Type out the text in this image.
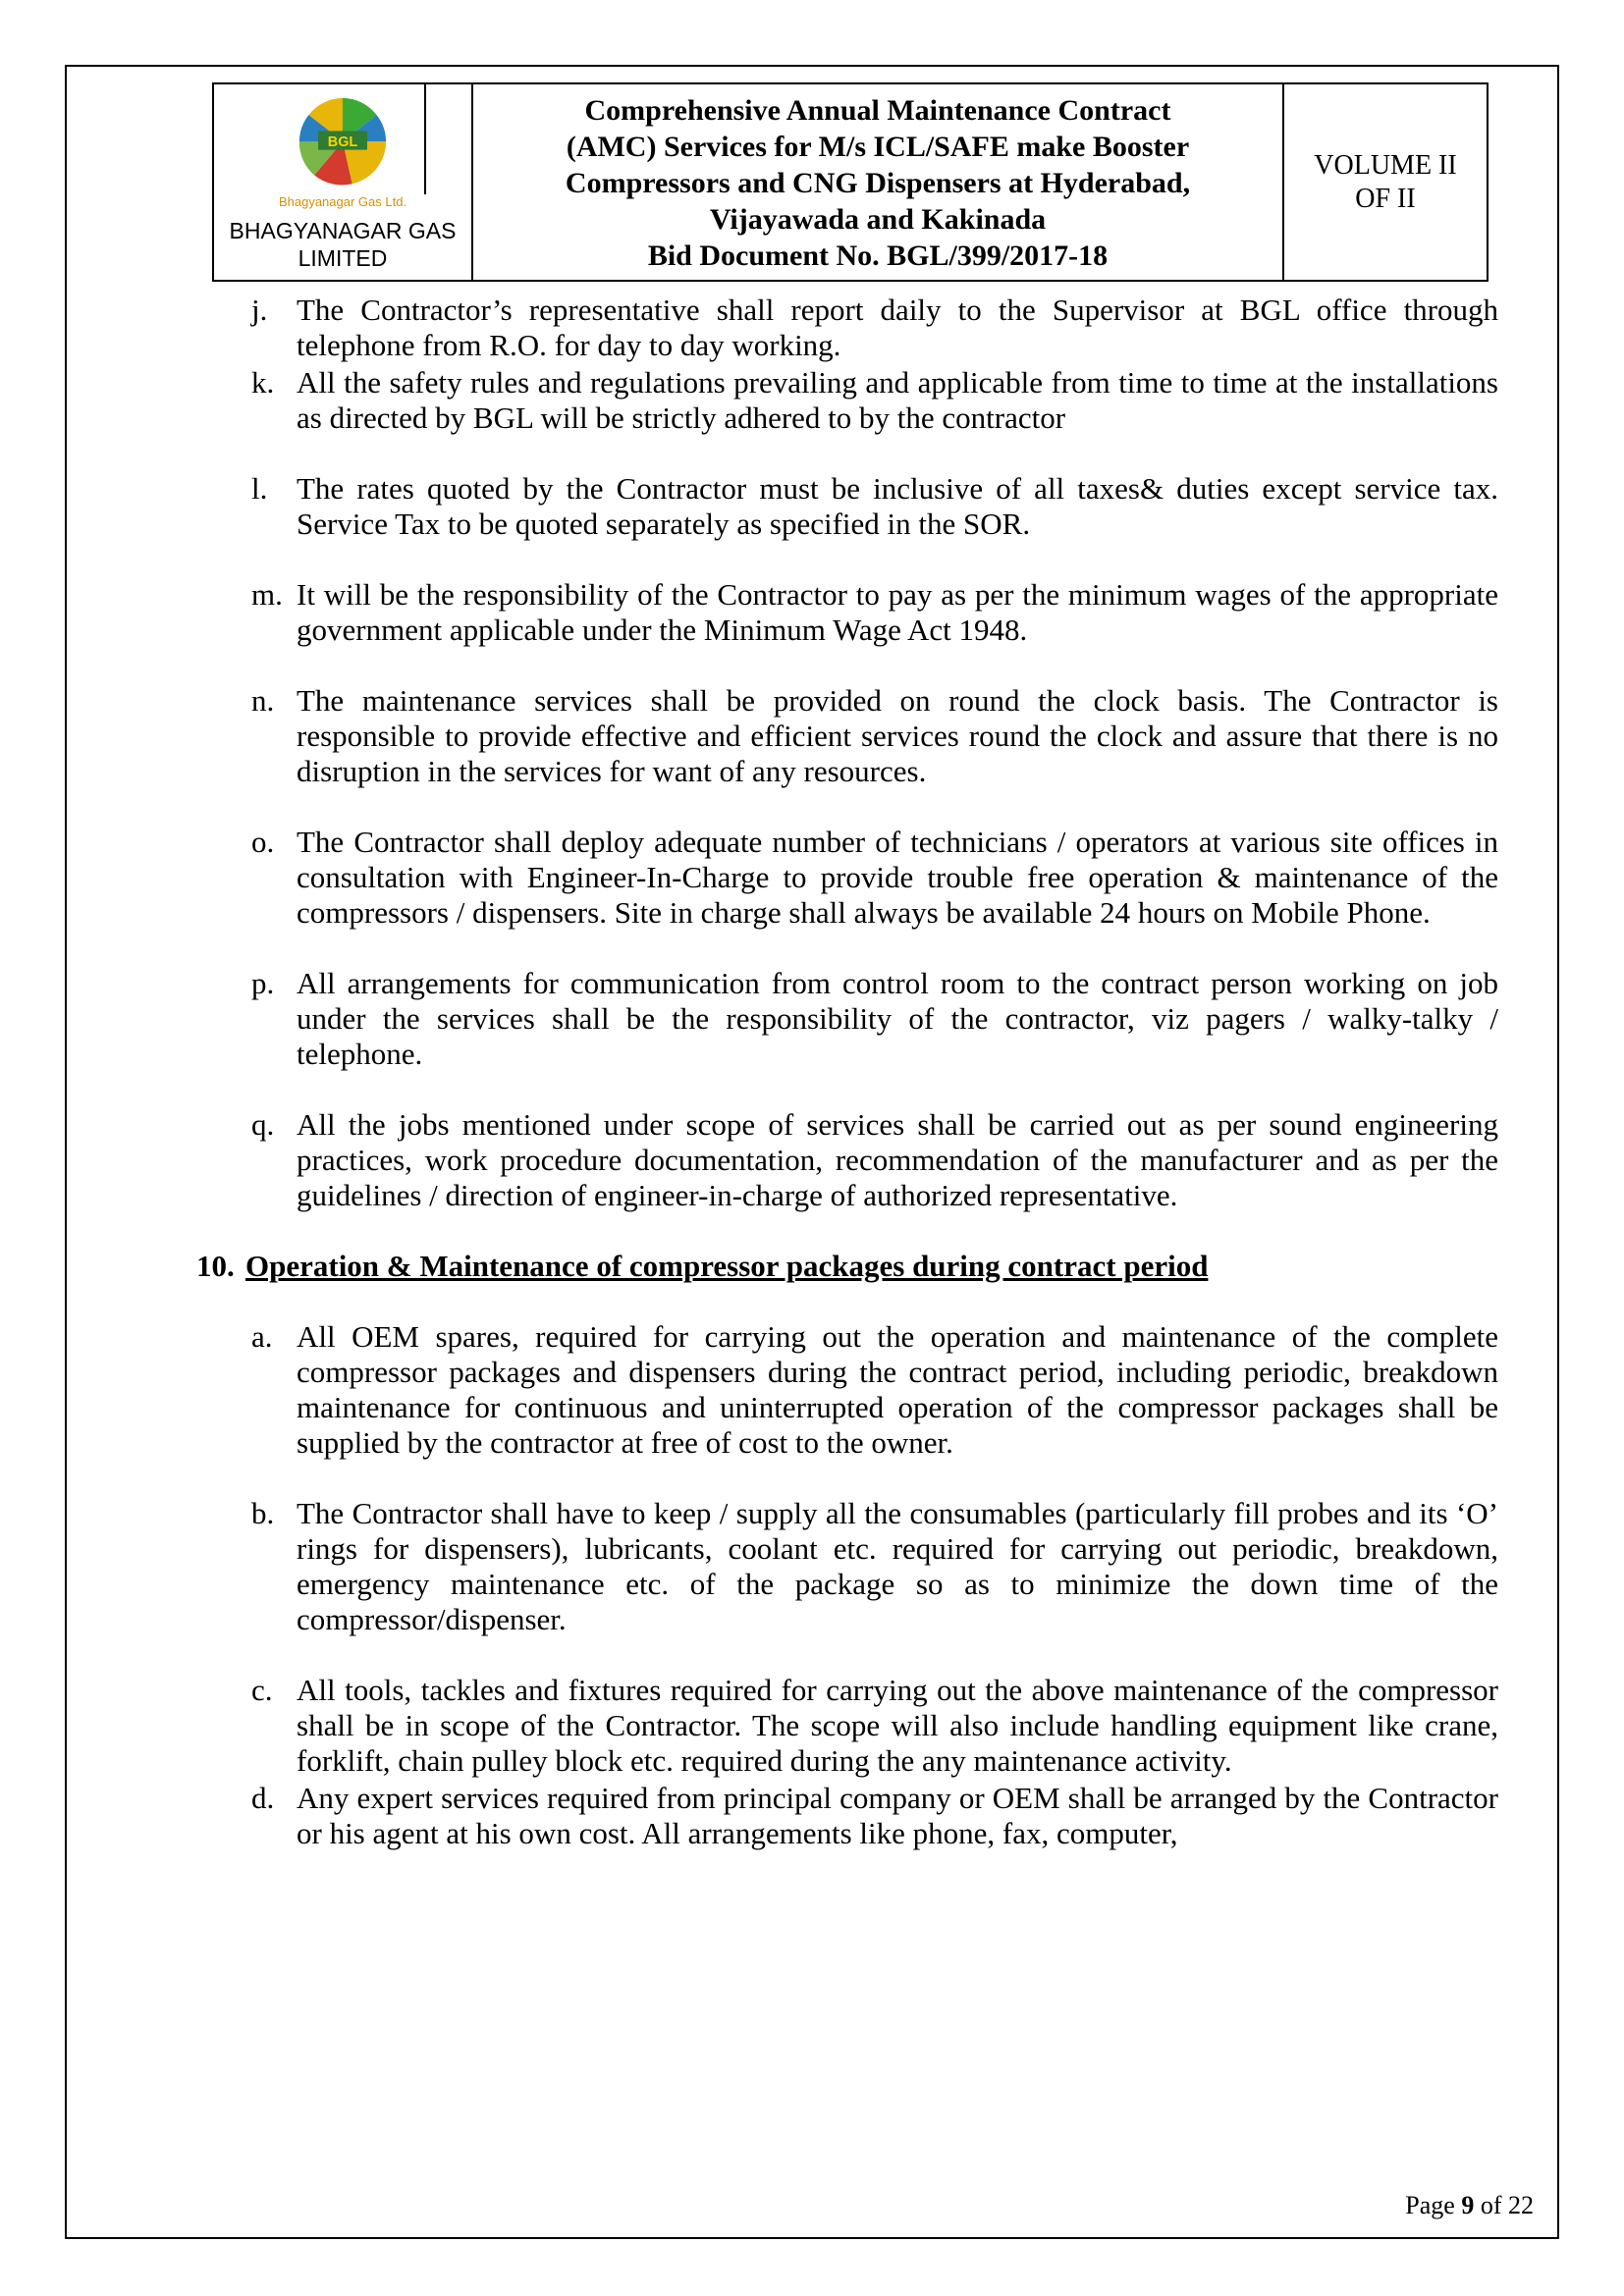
BGL
Bhagyanagar Gas Ltd.
BHAGYANAGAR GAS
LIMITED
Comprehensive Annual Maintenance Contract
(AMC) Services for M/s ICL/SAFE make Booster
Compressors and CNG Dispensers at Hyderabad,
Vijayawada and Kakinada
Bid Document No. BGL/399/2017-18
VOLUME II
OF II
j. The Contractor’s representative shall report daily to the Supervisor at BGL office through telephone from R.O. for day to day working.
k. All the safety rules and regulations prevailing and applicable from time to time at the installations as directed by BGL will be strictly adhered to by the contractor
l. The rates quoted by the Contractor must be inclusive of all taxes& duties except service tax. Service Tax to be quoted separately as specified in the SOR.
m. It will be the responsibility of the Contractor to pay as per the minimum wages of the appropriate government applicable under the Minimum Wage Act 1948.
n. The maintenance services shall be provided on round the clock basis. The Contractor is responsible to provide effective and efficient services round the clock and assure that there is no disruption in the services for want of any resources.
o. The Contractor shall deploy adequate number of technicians / operators at various site offices in consultation with Engineer-In-Charge to provide trouble free operation & maintenance of the compressors / dispensers. Site in charge shall always be available 24 hours on Mobile Phone.
p. All arrangements for communication from control room to the contract person working on job under the services shall be the responsibility of the contractor, viz pagers / walky-talky / telephone.
q. All the jobs mentioned under scope of services shall be carried out as per sound engineering practices, work procedure documentation, recommendation of the manufacturer and as per the guidelines / direction of engineer-in-charge of authorized representative.
10. Operation & Maintenance of compressor packages during contract period
a. All OEM spares, required for carrying out the operation and maintenance of the complete compressor packages and dispensers during the contract period, including periodic, breakdown maintenance for continuous and uninterrupted operation of the compressor packages shall be supplied by the contractor at free of cost to the owner.
b. The Contractor shall have to keep / supply all the consumables (particularly fill probes and its ‘O’ rings for dispensers), lubricants, coolant etc. required for carrying out periodic, breakdown, emergency maintenance etc. of the package so as to minimize the down time of the compressor/dispenser.
c. All tools, tackles and fixtures required for carrying out the above maintenance of the compressor shall be in scope of the Contractor. The scope will also include handling equipment like crane, forklift, chain pulley block etc. required during the any maintenance activity.
d. Any expert services required from principal company or OEM shall be arranged by the Contractor or his agent at his own cost. All arrangements like phone, fax, computer,
Page 9 of 22
